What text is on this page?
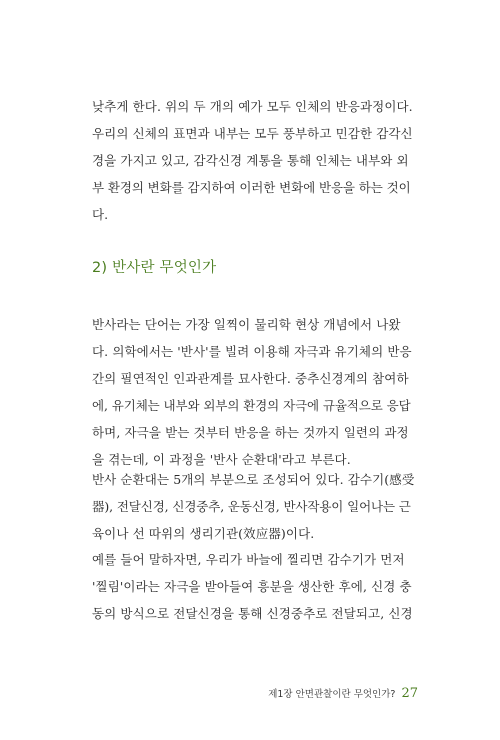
낮추게 한다. 위의 두 개의 예가 모두 인체의 반응과정이다.
우리의 신체의 표면과 내부는 모두 풍부하고 민감한 감각신
경을 가지고 있고, 감각신경 계통을 통해 인체는 내부와 외
부 환경의 변화를 감지하여 이러한 변화에 반응을 하는 것이
다.

2) 반사란 무엇인가

반사라는 단어는 가장 일찍이 물리학 현상 개념에서 나왔
다. 의학에서는 '반사'를 빌려 이용해 자극과 유기체의 반응
간의 필연적인 인과관계를 묘사한다. 중추신경계의 참여하
에, 유기체는 내부와 외부의 환경의 자극에 규율적으로 응답
하며, 자극을 받는 것부터 반응을 하는 것까지 일련의 과정
을 겪는데, 이 과정을 '반사 순환대'라고 부른다.

반사 순환대는 5개의 부분으로 조성되어 있다. 감수기(感受
器), 전달신경, 신경중추, 운동신경, 반사작용이 일어나는 근
육이나 선 따위의 생리기관(效应器)이다.

예를 들어 말하자면, 우리가 바늘에 찔리면 감수기가 먼저
'찔림'이라는 자극을 받아들여 흥분을 생산한 후에, 신경 충
동의 방식으로 전달신경을 통해 신경중추로 전달되고, 신경

제1장 안면관찰이란 무엇인가? 27
